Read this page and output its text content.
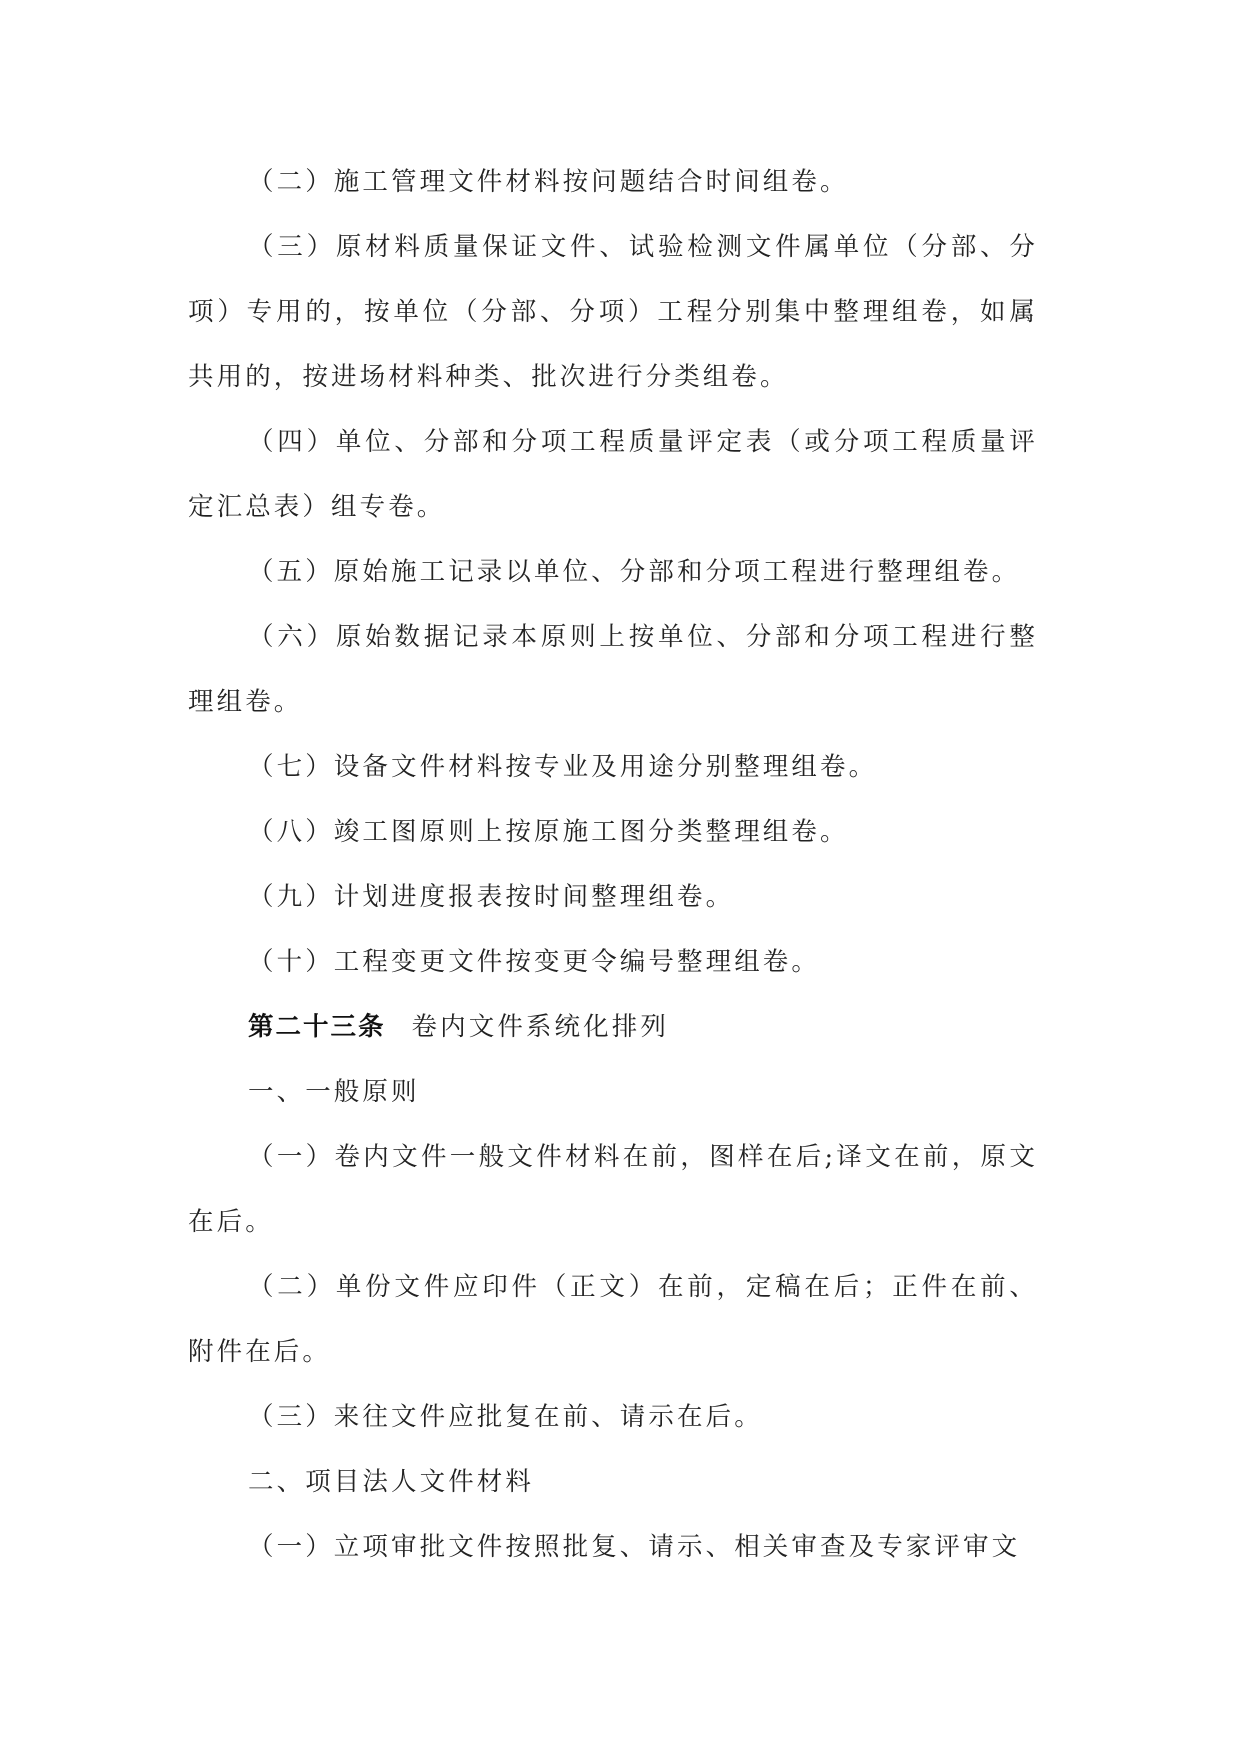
（二）施工管理文件材料按问题结合时间组卷。

（三）原材料质量保证文件、试验检测文件属单位（分部、分项）专用的，按单位（分部、分项）工程分别集中整理组卷，如属共用的，按进场材料种类、批次进行分类组卷。

（四）单位、分部和分项工程质量评定表（或分项工程质量评定汇总表）组专卷。

（五）原始施工记录以单位、分部和分项工程进行整理组卷。

（六）原始数据记录本原则上按单位、分部和分项工程进行整理组卷。

（七）设备文件材料按专业及用途分别整理组卷。

（八）竣工图原则上按原施工图分类整理组卷。

（九）计划进度报表按时间整理组卷。

（十）工程变更文件按变更令编号整理组卷。

第二十三条 卷内文件系统化排列

一、一般原则

（一）卷内文件一般文件材料在前，图样在后;译文在前，原文在后。

（二）单份文件应印件（正文）在前，定稿在后；正件在前、附件在后。

（三）来往文件应批复在前、请示在后。

二、项目法人文件材料

（一）立项审批文件按照批复、请示、相关审查及专家评审文
